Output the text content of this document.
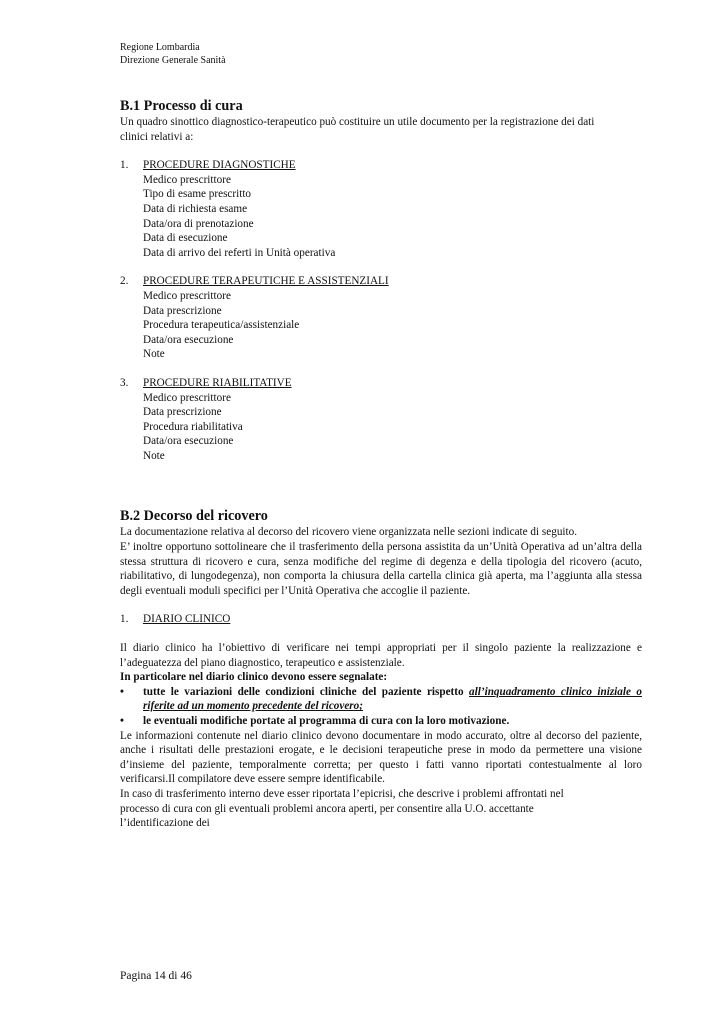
Regione Lombardia
Direzione Generale Sanità
B.1 Processo di cura
Un quadro sinottico diagnostico-terapeutico può costituire un utile documento per la registrazione dei dati
clinici relativi a:
1.	PROCEDURE DIAGNOSTICHE
Medico prescrittore
Tipo di esame prescritto
Data di richiesta esame
Data/ora di prenotazione
Data di esecuzione
Data di arrivo dei referti in Unità operativa
2.	PROCEDURE TERAPEUTICHE E ASSISTENZIALI
Medico prescrittore
Data prescrizione
Procedura terapeutica/assistenziale
Data/ora esecuzione
Note
3.	PROCEDURE RIABILITATIVE
Medico prescrittore
Data prescrizione
Procedura riabilitativa
Data/ora esecuzione
Note
B.2 Decorso del ricovero
La documentazione relativa al decorso del ricovero viene organizzata nelle sezioni indicate di seguito.
E’ inoltre opportuno sottolineare che il trasferimento della persona assistita da un’Unità Operativa ad un’altra della stessa struttura di ricovero e cura, senza modifiche del regime di degenza e della tipologia del ricovero (acuto, riabilitativo, di lungodegenza), non comporta la chiusura della cartella clinica già aperta, ma l’aggiunta alla stessa degli eventuali moduli specifici per l’Unità Operativa che accoglie il paziente.
1.	DIARIO CLINICO
Il diario clinico ha l’obiettivo di verificare nei tempi appropriati per il singolo paziente la realizzazione e l’adeguatezza del piano diagnostico, terapeutico e assistenziale.
In particolare nel diario clinico devono essere segnalate:
•	tutte le variazioni delle condizioni cliniche del paziente rispetto all’inquadramento clinico iniziale o riferite ad un momento precedente del ricovero;
•	le eventuali modifiche portate al programma di cura con la loro motivazione.
Le informazioni contenute nel diario clinico devono documentare in modo accurato, oltre al decorso del paziente, anche i risultati delle prestazioni erogate, e le decisioni terapeutiche prese in modo da permettere una visione d’insieme del paziente, temporalmente corretta; per questo i fatti vanno riportati contestualmente al loro verificarsi.Il compilatore deve essere sempre identificabile.
In caso di trasferimento interno deve esser riportata l’epicrisi, che descrive i problemi affrontati nel
processo di cura con gli eventuali problemi ancora aperti, per consentire alla U.O. accettante
l’identificazione dei
Pagina 14 di 46
